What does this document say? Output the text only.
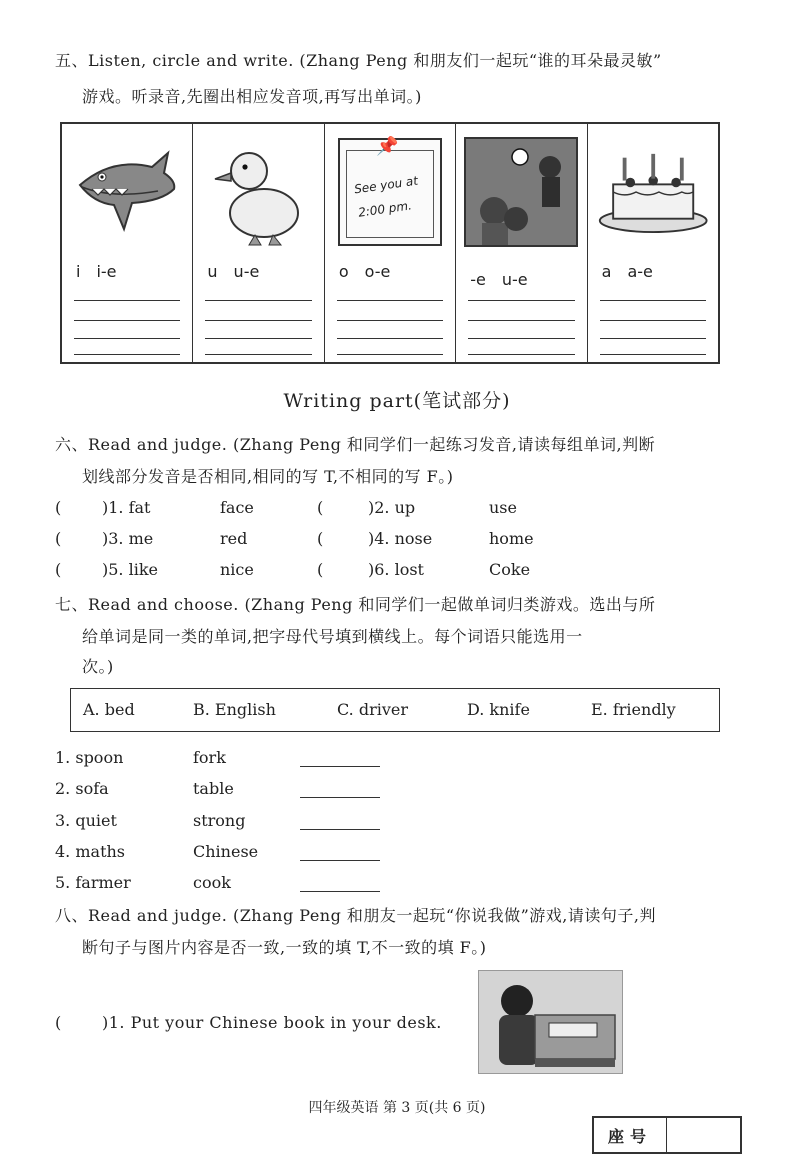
五、Listen, circle and write. (Zhang Peng 和朋友们一起玩“谁的耳朵最灵敏”
游戏。听录音,先圈出相应发音项,再写出单词。)
i i-e	u u-e
📌
See you at
2:00 pm.
o o-e	-e u-e	a a-e
Writing part(笔试部分)
六、Read and judge. (Zhang Peng 和同学们一起练习发音,请读每组单词,判断
划线部分发音是否相同,相同的写 T,不相同的写 F。)
(	)1. fat	face	(	)2. up	use
(	)3. me	red	(	)4. nose	home
(	)5. like	nice	(	)6. lost	Coke
七、Read and choose. (Zhang Peng 和同学们一起做单词归类游戏。选出与所
给单词是同一类的单词,把字母代号填到横线上。每个词语只能选用一
次。)
A. bed	B. English	C. driver	D. knife	E. friendly
1. spoon	fork
2. sofa	table
3. quiet	strong
4. maths	Chinese
5. farmer	cook
八、Read and judge. (Zhang Peng 和朋友一起玩“你说我做”游戏,请读句子,判
断句子与图片内容是否一致,一致的填 T,不一致的填 F。)
(	)1. Put your Chinese book in your desk.
四年级英语 第 3 页(共 6 页)
座号
